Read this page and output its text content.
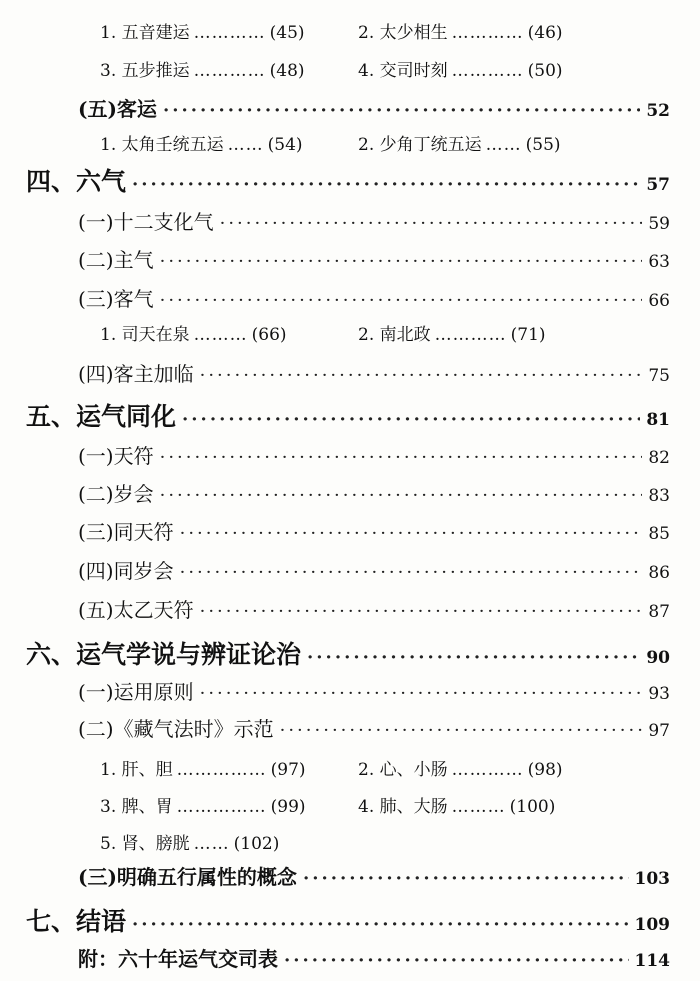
1. 五音建运 ………… (45)	2. 太少相生 ………… (46)
3. 五步推运 ………… (48)	4. 交司时刻 ………… (50)
(五)客运 ·····	52
1. 太角壬统五运 …… (54)	2. 少角丁统五运 …… (55)
四、六气 ·····	57
(一)十二支化气 ·····	59
(二)主气 ·····	63
(三)客气 ·····	66
1. 司天在泉 ……… (66)	2. 南北政 ………… (71)
(四)客主加临 ·····	75
五、运气同化 ·····	81
(一)天符 ·····	82
(二)岁会 ·····	83
(三)同天符 ·····	85
(四)同岁会 ·····	86
(五)太乙天符 ·····	87
六、运气学说与辨证论治 ·····	90
(一)运用原则 ·····	93
(二)《藏气法时》示范 ·····	97
1. 肝、胆 …………… (97)	2. 心、小肠 ………… (98)
3. 脾、胃 …………… (99)	4. 肺、大肠 ……… (100)
5. 肾、膀胱 …… (102)
(三)明确五行属性的概念 ·····	103
七、结语 ·····	109
附：六十年运气交司表 ·····	114
